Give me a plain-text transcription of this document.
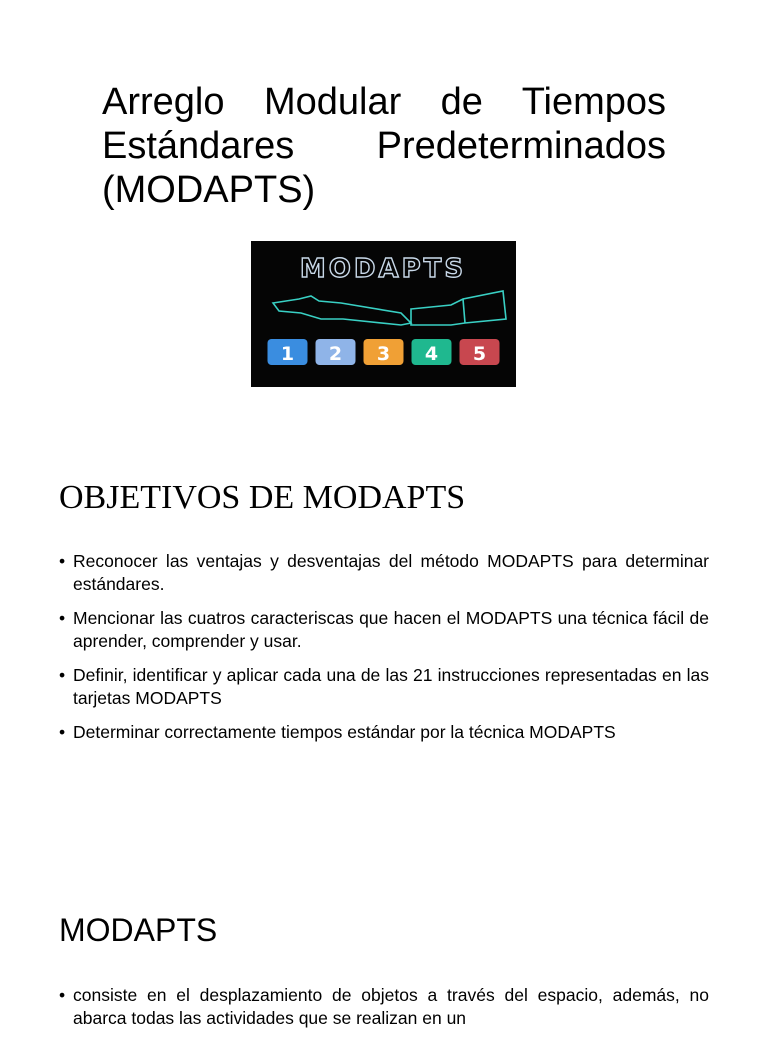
Arreglo Modular de Tiempos Estándares Predeterminados (MODAPTS)
MODAPTS
1 2 3 4 5
OBJETIVOS DE MODAPTS
• Reconocer las ventajas y desventajas del método MODAPTS para determinar estándares.
• Mencionar las cuatros caracteriscas que hacen el MODAPTS una técnica fácil de aprender, comprender y usar.
• Definir, identificar y aplicar cada una de las 21 instrucciones representadas en las tarjetas MODAPTS
• Determinar correctamente tiempos estándar por la técnica MODAPTS
MODAPTS
• consiste en el desplazamiento de objetos a través del espacio, además, no abarca todas las actividades que se realizan en un
